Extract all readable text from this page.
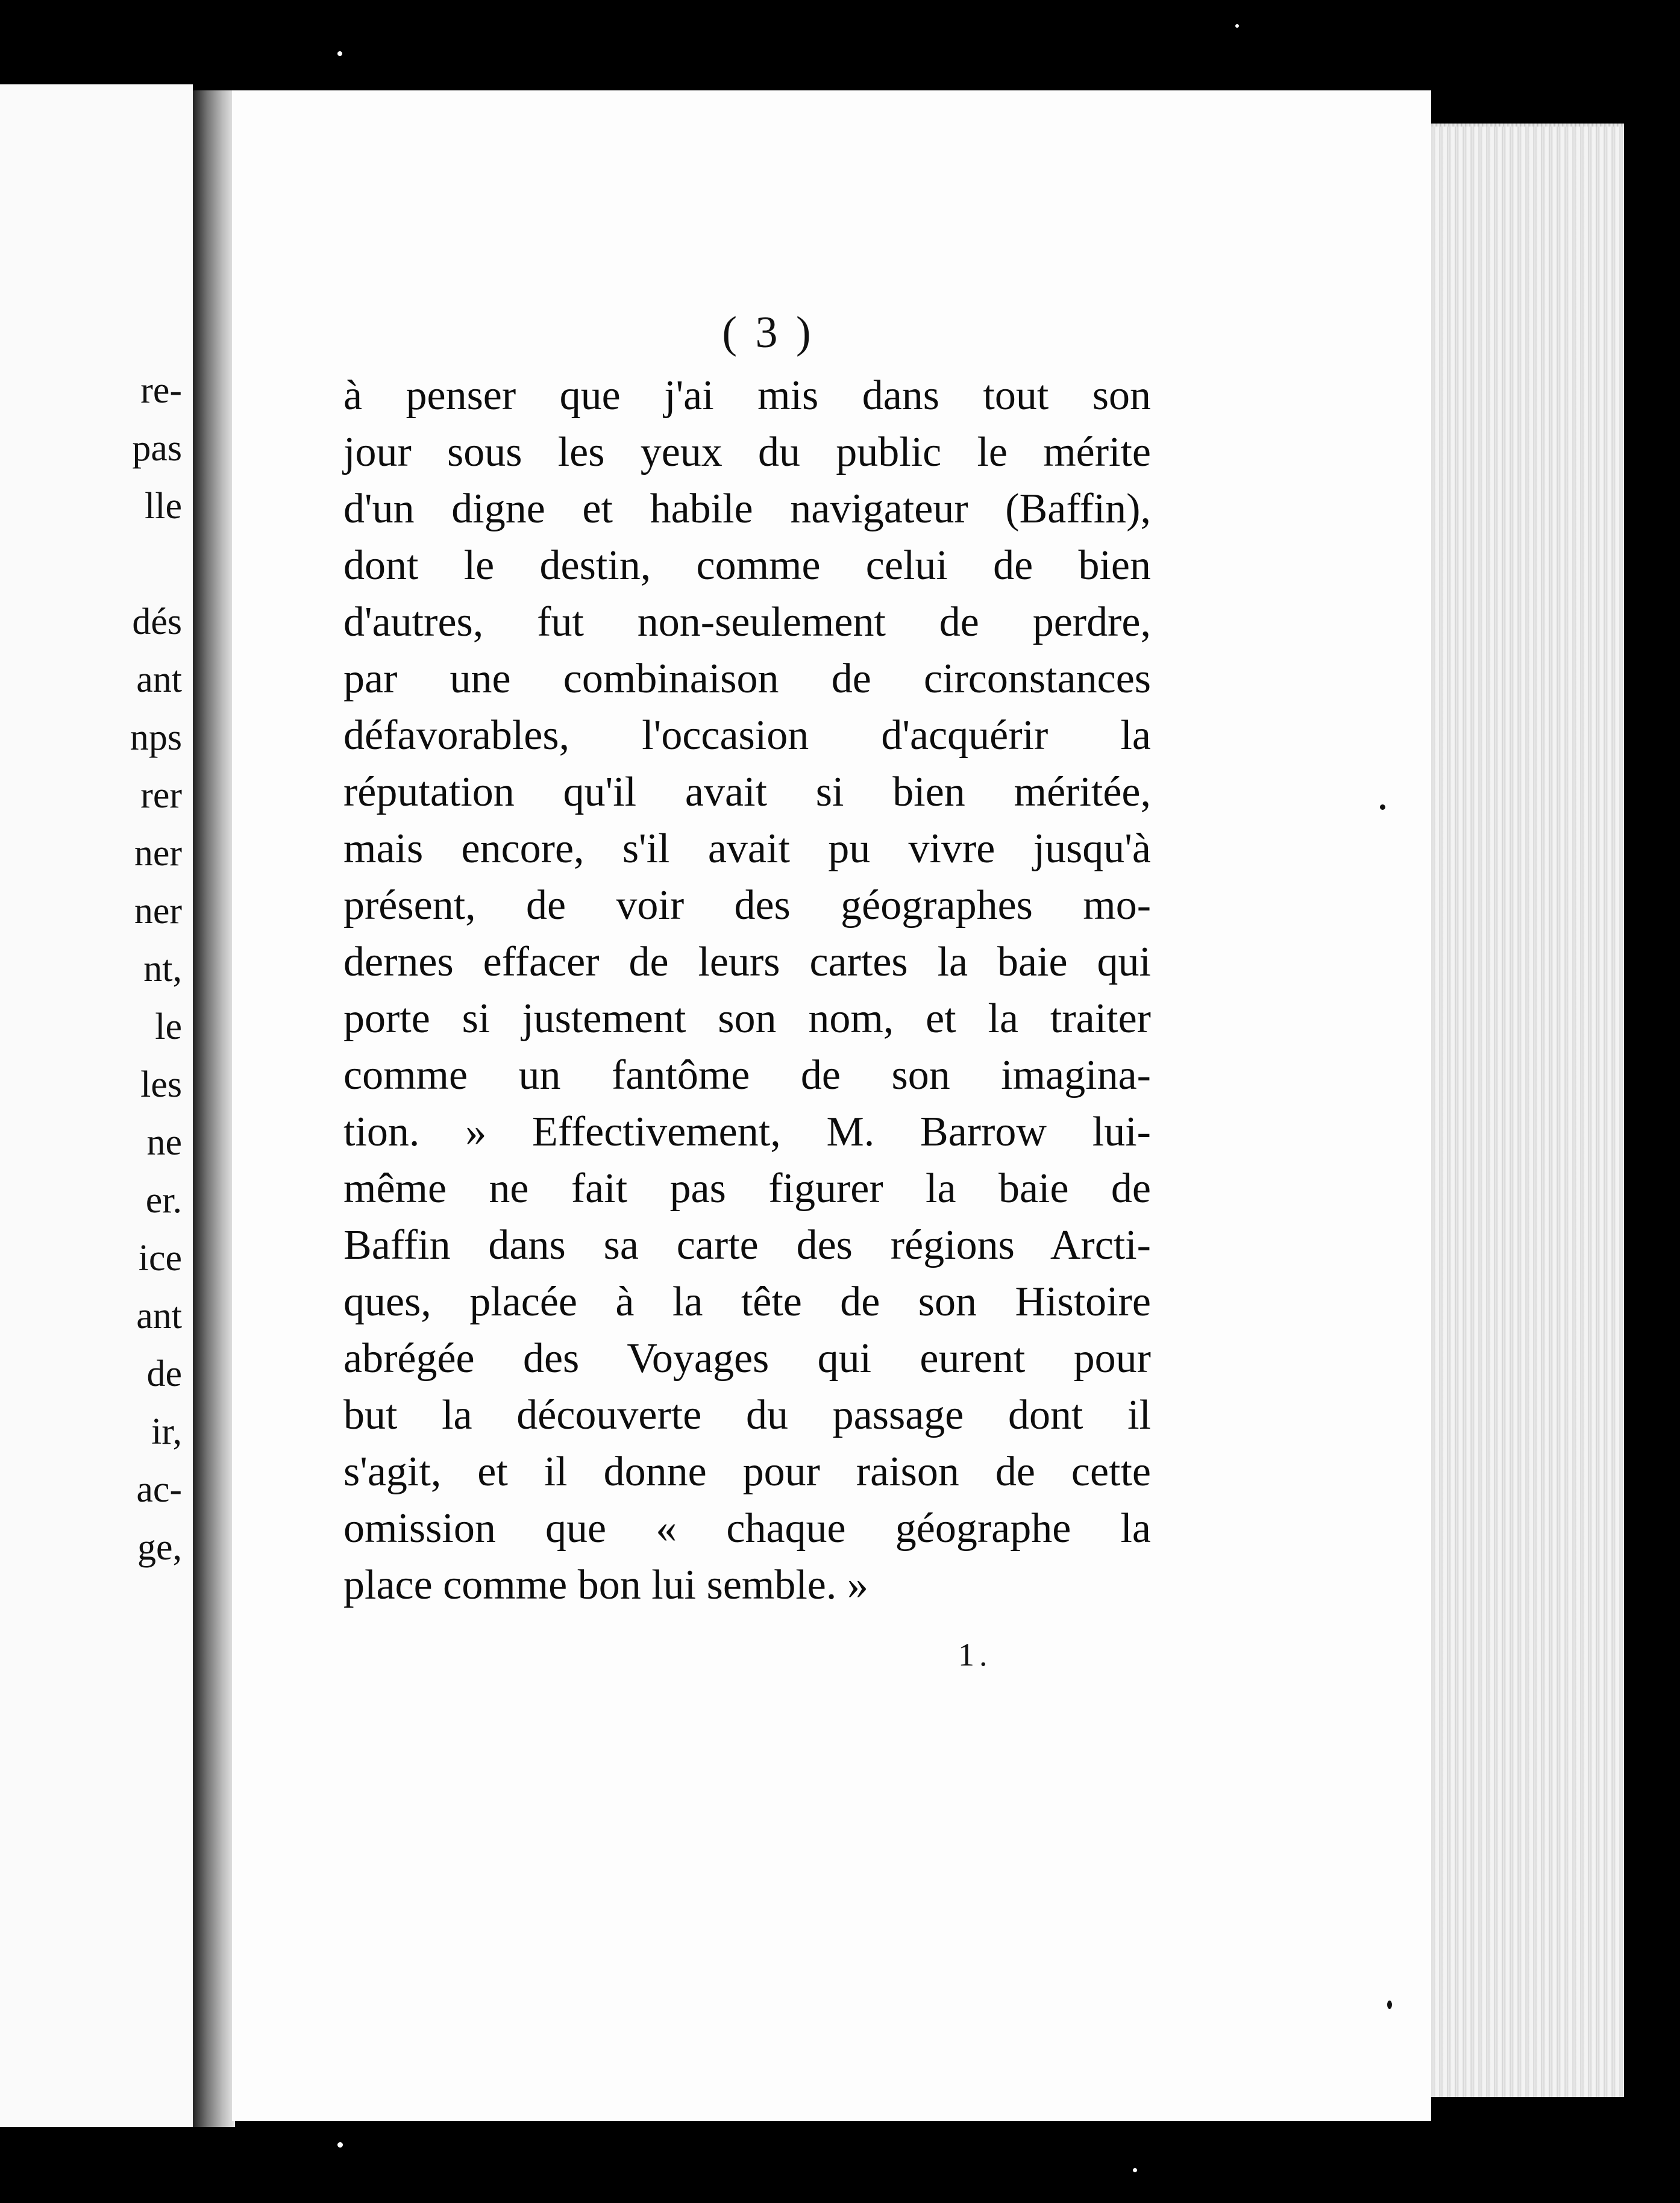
re-
pas
lle
dés
ant
nps
rer
ner
ner
nt,
le
les
ne
er.
ice
ant
de
ir,
ac-
ge,
( 3 )
à penser que j'ai mis dans tout son
jour sous les yeux du public le mérite
d'un digne et habile navigateur (Baffin),
dont le destin, comme celui de bien
d'autres, fut non-seulement de perdre,
par une combinaison de circonstances
défavorables, l'occasion d'acquérir la
réputation qu'il avait si bien méritée,
mais encore, s'il avait pu vivre jusqu'à
présent, de voir des géographes mo-
dernes effacer de leurs cartes la baie qui
porte si justement son nom, et la traiter
comme un fantôme de son imagina-
tion. » Effectivement, M. Barrow lui-
même ne fait pas figurer la baie de
Baffin dans sa carte des régions Arcti-
ques, placée à la tête de son Histoire
abrégée des Voyages qui eurent pour
but la découverte du passage dont il
s'agit, et il donne pour raison de cette
omission que « chaque géographe la
place comme bon lui semble. »
1.
